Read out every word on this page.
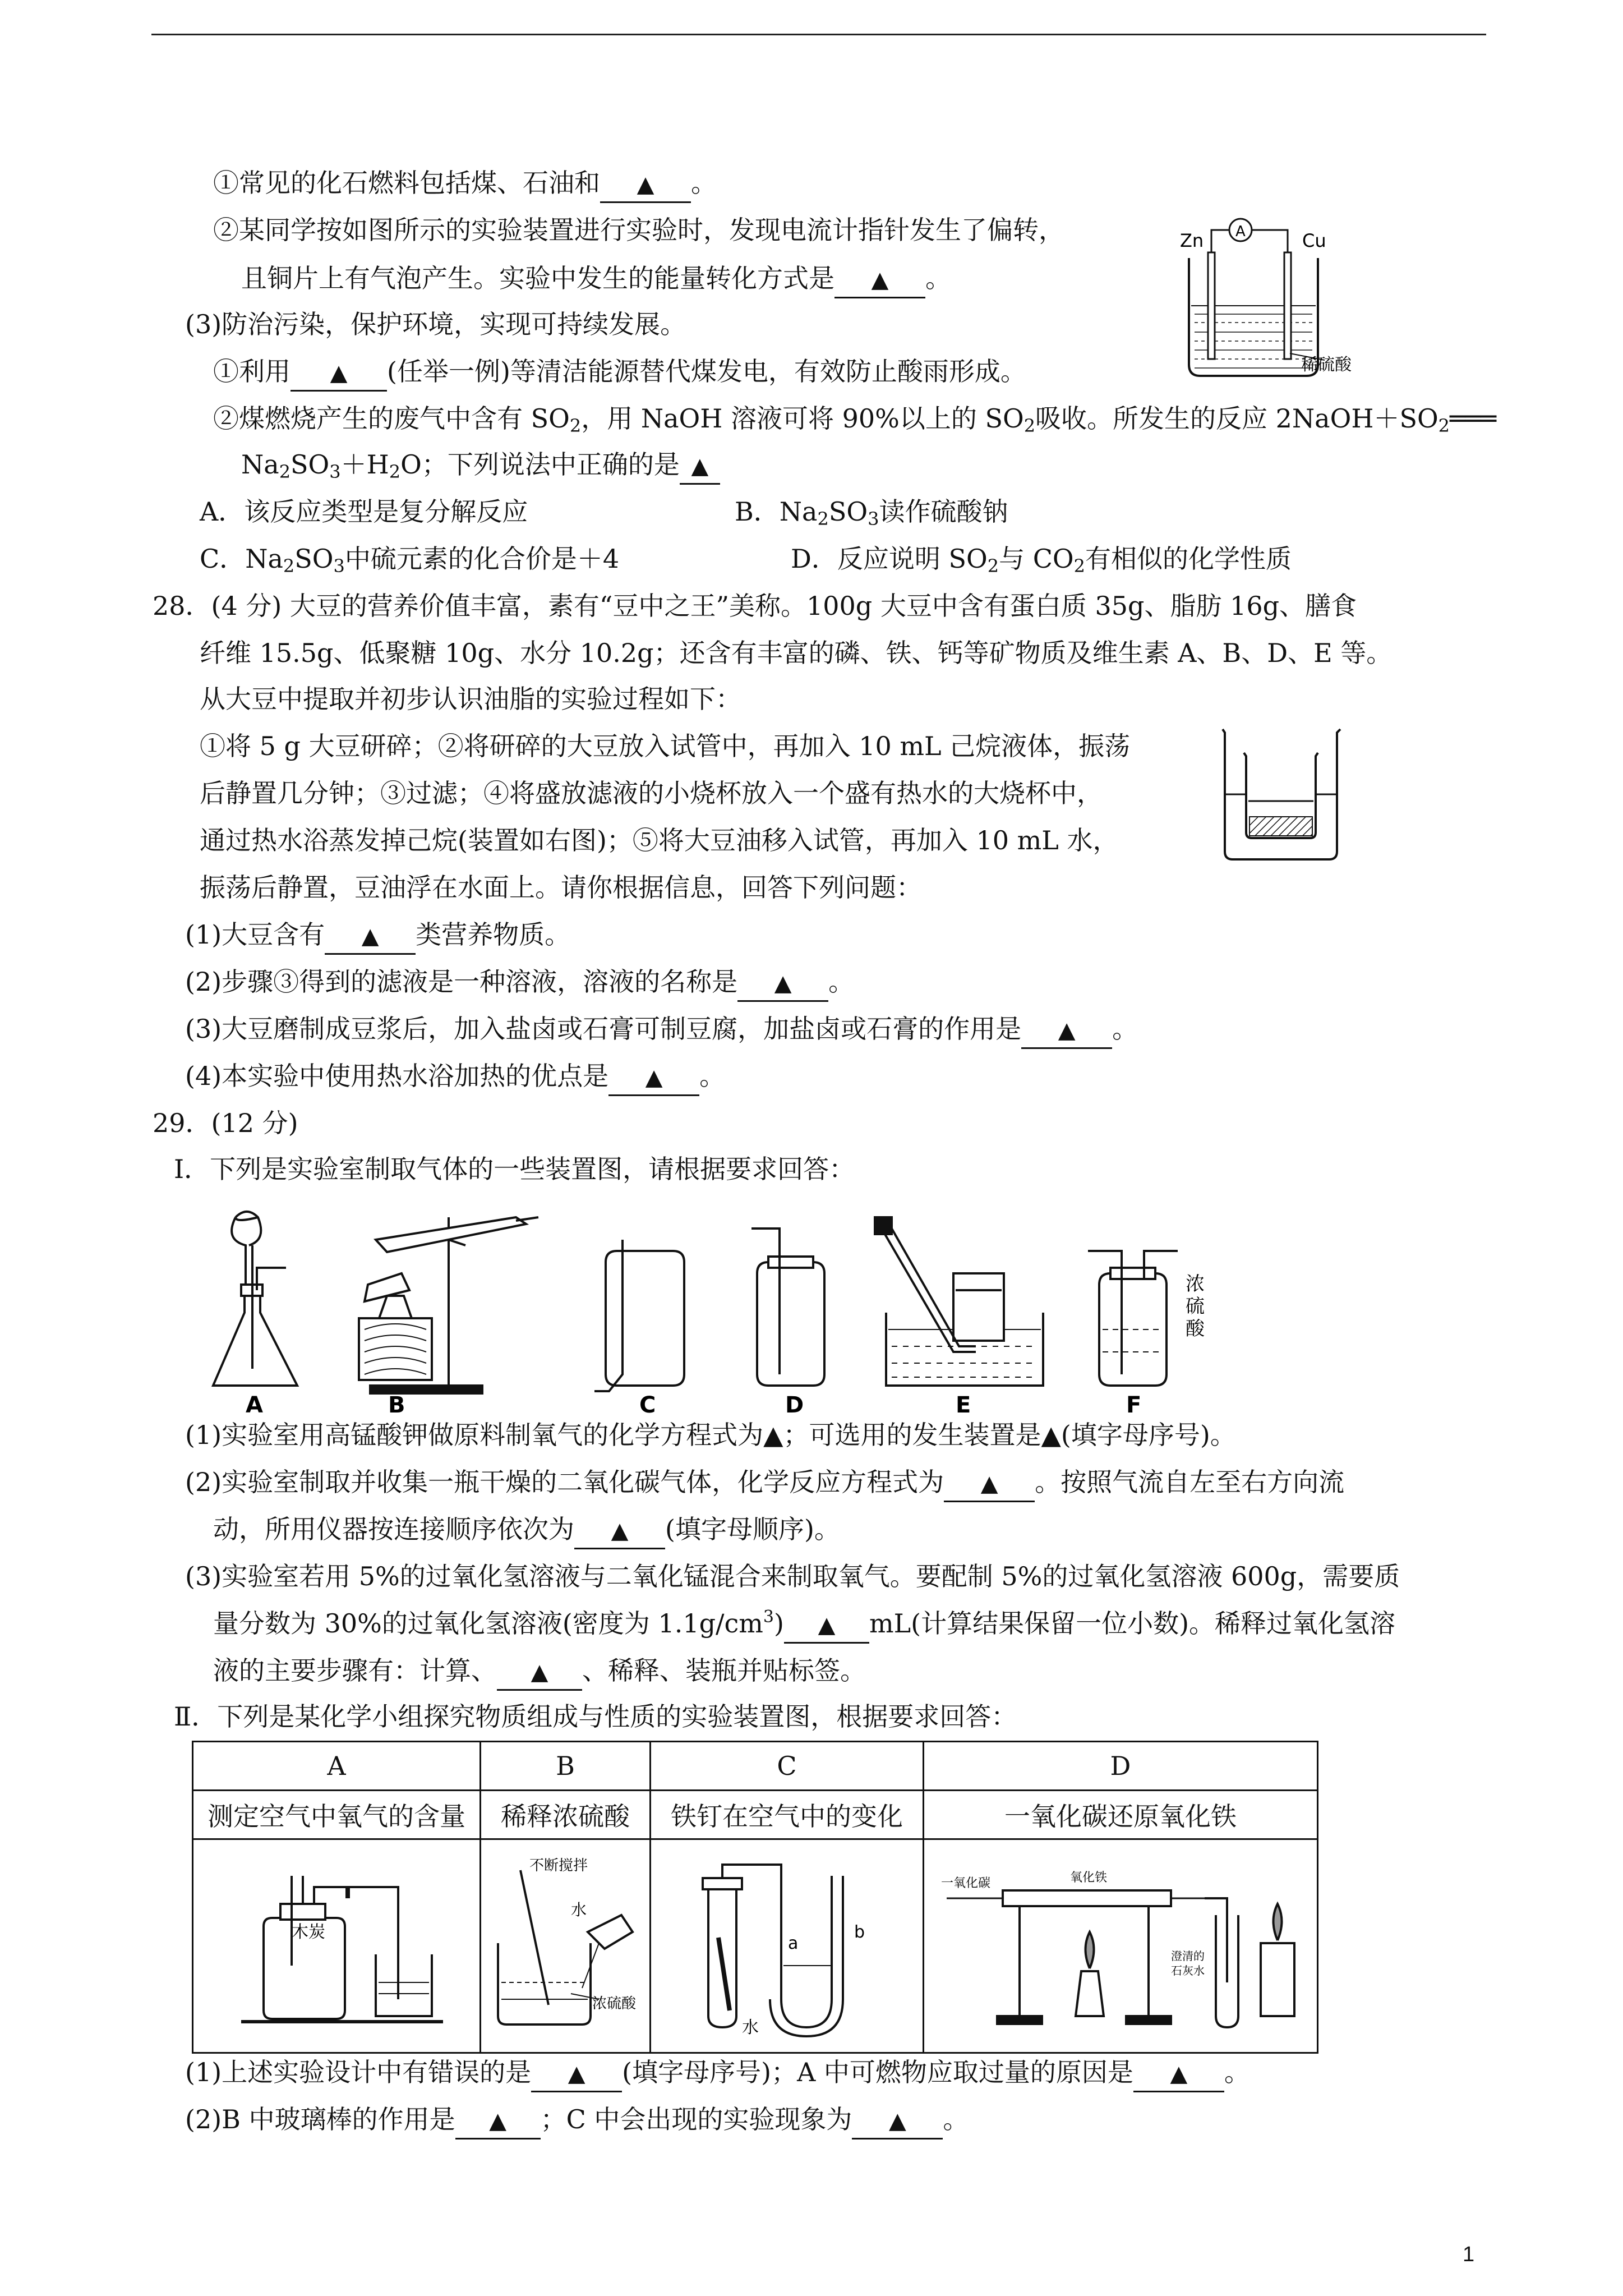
①常见的化石燃料包括煤、石油和 ▲ 。
②某同学按如图所示的实验装置进行实验时，发现电流计指针发生了偏转，
且铜片上有气泡产生。实验中发生的能量转化方式是 ▲ 。
(3)防治污染，保护环境，实现可持续发展。
①利用 ▲ (任举一例)等清洁能源替代煤发电，有效防止酸雨形成。
②煤燃烧产生的废气中含有 $SO_2$，用 NaOH 溶液可将 90%以上的 $SO_2$吸收。所发生的反应 $2NaOH+SO_2═══$
$Na_2SO_3+H_2O$；下列说法中正确的是 ▲
A．该反应类型是复分解反应	B．$Na_2SO_3$读作硫酸钠
C．$Na_2SO_3$中硫元素的化合价是＋4	D．反应说明 $SO_2$与 $CO_2$有相似的化学性质
28．(4 分) 大豆的营养价值丰富，素有“豆中之王”美称。100g 大豆中含有蛋白质 35g、脂肪 16g、膳食
纤维 15.5g、低聚糖 10g、水分 10.2g；还含有丰富的磷、铁、钙等矿物质及维生素 A、B、D、E 等。
从大豆中提取并初步认识油脂的实验过程如下：
①将 5 g 大豆研碎；②将研碎的大豆放入试管中，再加入 10 mL 己烷液体，振荡
后静置几分钟；③过滤；④将盛放滤液的小烧杯放入一个盛有热水的大烧杯中，
通过热水浴蒸发掉己烷(装置如右图)；⑤将大豆油移入试管，再加入 10 mL 水，
振荡后静置，豆油浮在水面上。请你根据信息，回答下列问题：
(1)大豆含有 ▲ 类营养物质。
(2)步骤③得到的滤液是一种溶液，溶液的名称是 ▲ 。
(3)大豆磨制成豆浆后，加入盐卤或石膏可制豆腐，加盐卤或石膏的作用是 ▲ 。
(4)本实验中使用热水浴加热的优点是 ▲ 。
29．(12 分)
Ⅰ．下列是实验室制取气体的一些装置图，请根据要求回答：
Zn	Cu
A
稀硫酸
A	B	C	D	E
浓
硫
酸
F
(1)实验室用高锰酸钾做原料制氧气的化学方程式为▲；可选用的发生装置是▲(填字母序号)。
(2)实验室制取并收集一瓶干燥的二氧化碳气体，化学反应方程式为 ▲ 。按照气流自左至右方向流
动，所用仪器按连接顺序依次为 ▲ (填字母顺序)。
(3)实验室若用 5%的过氧化氢溶液与二氧化锰混合来制取氧气。要配制 5%的过氧化氢溶液 600g，需要质
量分数为 30%的过氧化氢溶液(密度为 $1.1g/cm^3$) ▲ mL(计算结果保留一位小数)。稀释过氧化氢溶
液的主要步骤有：计算、 ▲ 、稀释、装瓶并贴标签。
Ⅱ．下列是某化学小组探究物质组成与性质的实验装置图，根据要求回答：
A	B	C	D
测定空气中氧气的含量	稀释浓硫酸	铁钉在空气中的变化	一氧化碳还原氧化铁

木炭	不断搅拌
水
浓硫酸	a
b
水	一氧化碳 氧化铁
澄清的
石灰水
(1)上述实验设计中有错误的是 ▲ (填字母序号)；A 中可燃物应取过量的原因是 ▲ 。
(2)B 中玻璃棒的作用是 ▲ ；C 中会出现的实验现象为 ▲ 。
1
